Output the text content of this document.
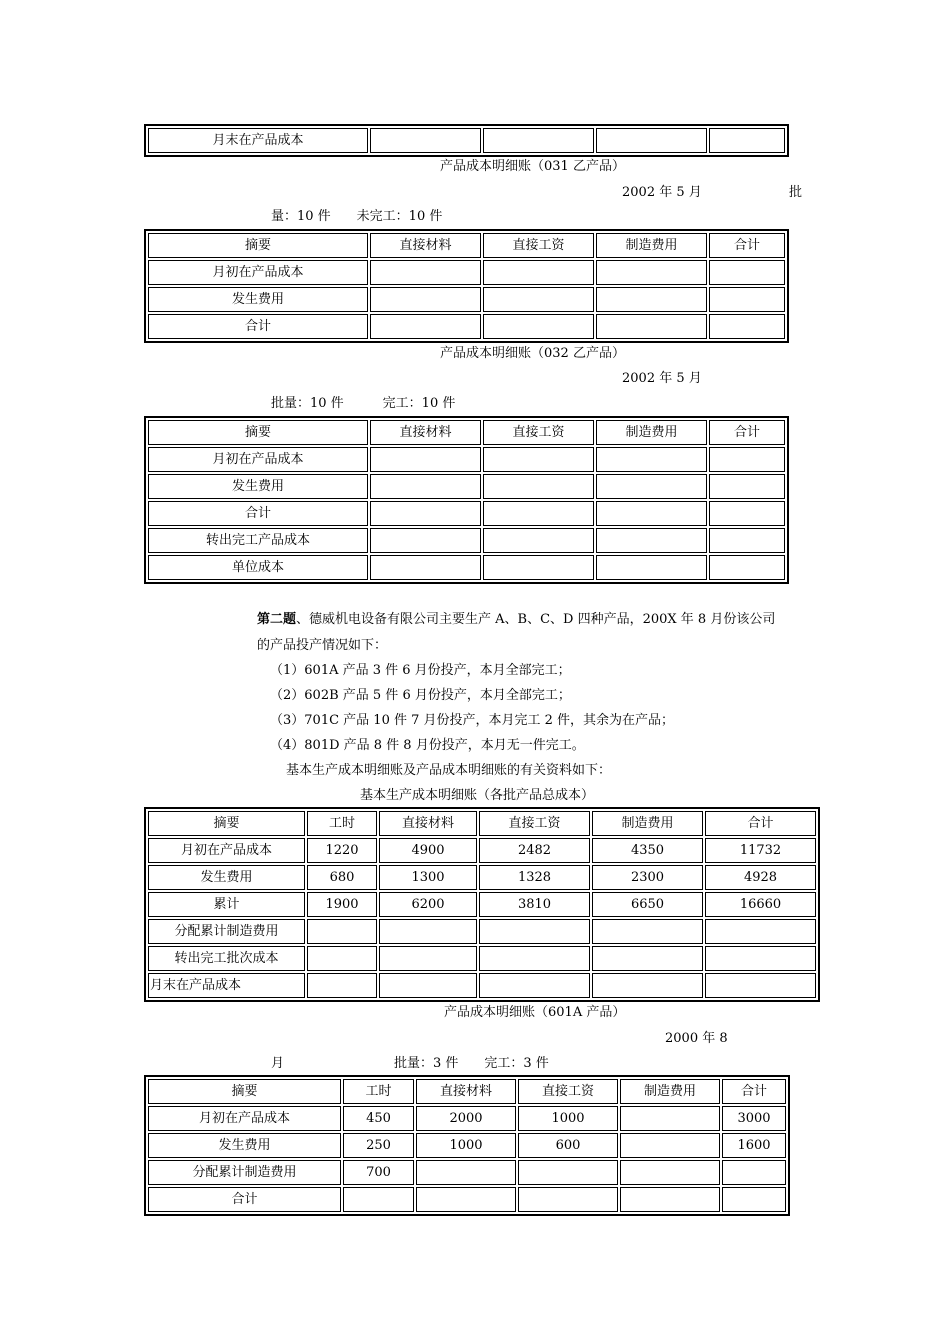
月末在产品成本				
产品成本明细账（031 乙产品）
2002 年 5 月	批
量：10 件　　未完工：10 件
摘要	直接材料	直接工资	制造费用	合计
月初在产品成本				
发生费用				
合计				
产品成本明细账（032 乙产品）
2002 年 5 月
批量：10 件　　　完工：10 件
摘要	直接材料	直接工资	制造费用	合计
月初在产品成本				
发生费用				
合计				
转出完工产品成本				
单位成本				
第二题、德威机电设备有限公司主要生产 A、B、C、D 四种产品，200X 年 8 月份该公司
的产品投产情况如下：
（1）601A 产品 3 件 6 月份投产，本月全部完工；
（2）602B 产品 5 件 6 月份投产，本月全部完工；
（3）701C 产品 10 件 7 月份投产，本月完工 2 件，其余为在产品；
（4）801D 产品 8 件 8 月份投产，本月无一件完工。
基本生产成本明细账及产品成本明细账的有关资料如下：
基本生产成本明细账（各批产品总成本）
摘要	工时	直接材料	直接工资	制造费用	合计
月初在产品成本	1220	4900	2482	4350	11732
发生费用	680	1300	1328	2300	4928
累计	1900	6200	3810	6650	16660
分配累计制造费用					
转出完工批次成本					
月末在产品成本					
产品成本明细账（601A 产品）
2000 年 8
月	批量：3 件　　完工：3 件
摘要	工时	直接材料	直接工资	制造费用	合计
月初在产品成本	450	2000	1000		3000
发生费用	250	1000	600		1600
分配累计制造费用	700				
合计					
